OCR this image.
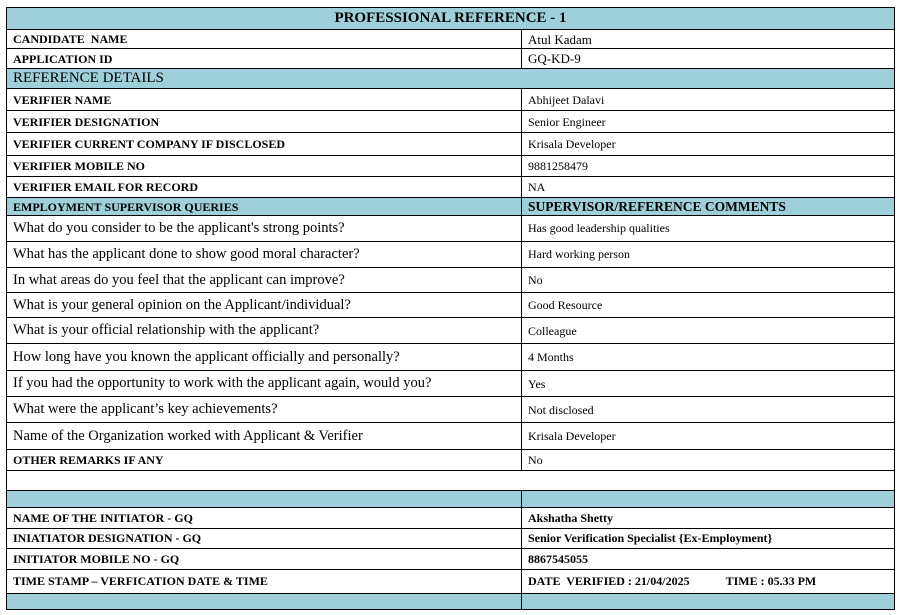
PROFESSIONAL REFERENCE - 1	
CANDIDATE  NAME	Atul Kadam
APPLICATION ID	GQ-KD-9
REFERENCE DETAILS	
VERIFIER NAME	Abhijeet Dalavi
VERIFIER DESIGNATION	Senior Engineer
VERIFIER CURRENT COMPANY IF DISCLOSED	Krisala Developer
VERIFIER MOBILE NO	9881258479
VERIFIER EMAIL FOR RECORD	NA
EMPLOYMENT SUPERVISOR QUERIES	SUPERVISOR/REFERENCE COMMENTS
What do you consider to be the applicant's strong points?	Has good leadership qualities
What has the applicant done to show good moral character?	Hard working person
In what areas do you feel that the applicant can improve?	No
What is your general opinion on the Applicant/individual?	Good Resource
What is your official relationship with the applicant?	Colleague
How long have you known the applicant officially and personally?	4 Months
If you had the opportunity to work with the applicant again, would you?	Yes
What were the applicant’s key achievements?	Not disclosed
Name of the Organization worked with Applicant & Verifier	Krisala Developer
OTHER REMARKS IF ANY	No

NAME OF THE INITIATOR - GQ	Akshatha Shetty
INIATIATOR DESIGNATION - GQ	Senior Verification Specialist {Ex-Employment}
INITIATOR MOBILE NO - GQ	8867545055
TIME STAMP – VERFICATION DATE & TIME	DATE  VERIFIED : 21/04/2025 TIME : 05.33 PM
